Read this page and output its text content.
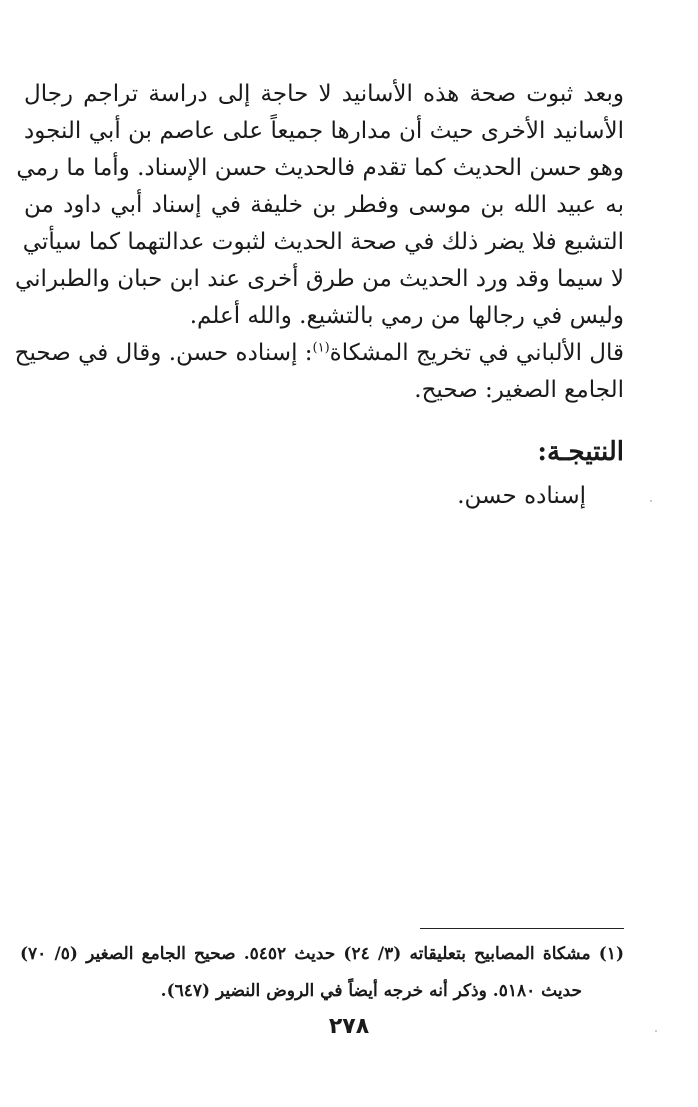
وبعد ثبوت صحة هذه الأسانيد لا حاجة إلى دراسة تراجم رجال
الأسانيد الأخرى حيث أن مدارها جميعاً على عاصم بن أبي النجود
وهو حسن الحديث كما تقدم فالحديث حسن الإسناد. وأما ما رمي
به عبيد الله بن موسى وفطر بن خليفة في إسناد أبي داود من
التشيع فلا يضر ذلك في صحة الحديث لثبوت عدالتهما كما سيأتي
لا سيما وقد ورد الحديث من طرق أخرى عند ابن حبان والطبراني
وليس في رجالها من رمي بالتشيع. والله أعلم.
قال الألباني في تخريج المشكاة$^{(١)}$: إسناده حسن. وقال في صحيح
الجامع الصغير: صحيح.
النتيجـة:
إسناده حسن.
(١) مشكاة المصابيح بتعليقاته (٣/ ٢٤) حديث ٥٤٥٢. صحيح الجامع الصغير (٥/ ٧٠)
حديث ٥١٨٠. وذكر أنه خرجه أيضاً في الروض النضير (٦٤٧).
٢٧٨
